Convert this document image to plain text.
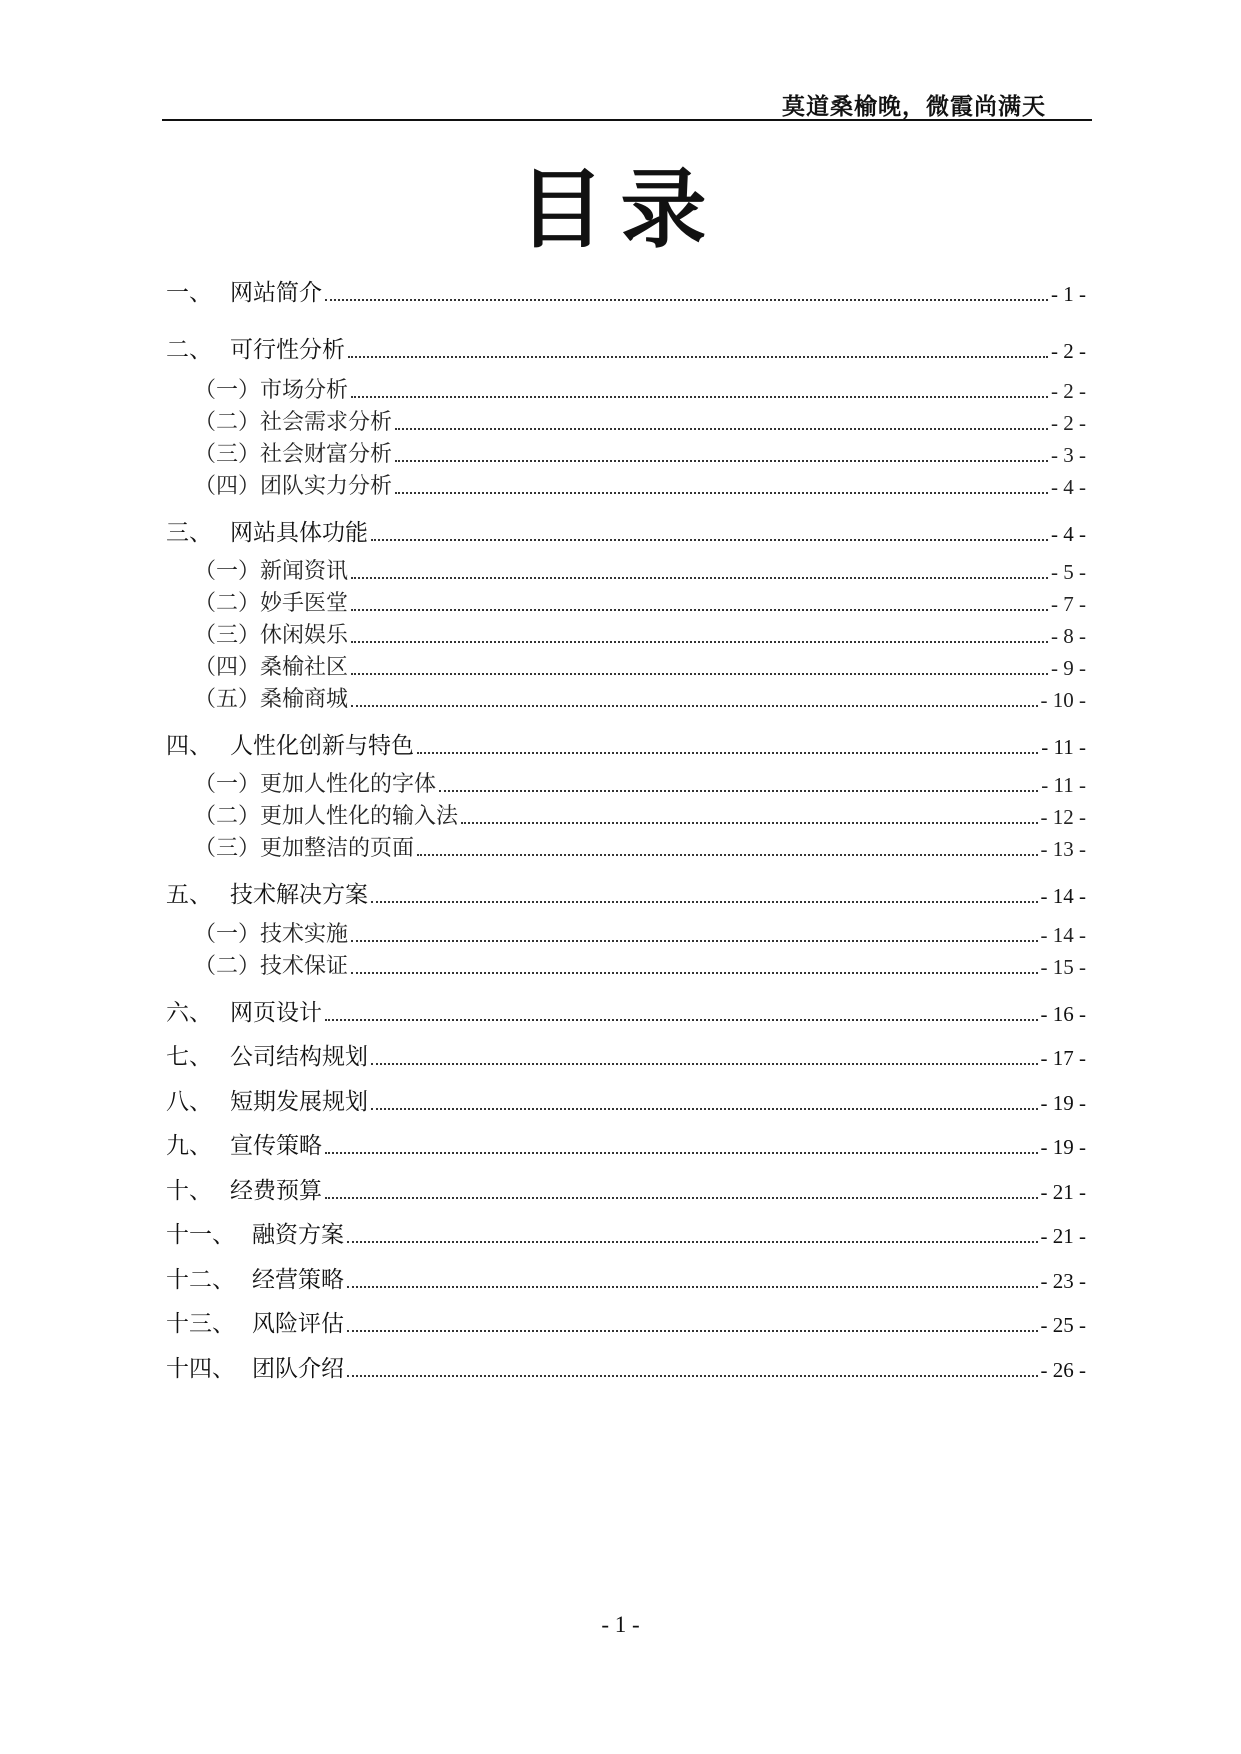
莫道桑榆晚，微霞尚满天
目录
一、 网站简介	- 1 -
二、 可行性分析	- 2 -
（一） 市场分析	- 2 -
（二） 社会需求分析	- 2 -
（三） 社会财富分析	- 3 -
（四） 团队实力分析	- 4 -
三、 网站具体功能	- 4 -
（一） 新闻资讯	- 5 -
（二） 妙手医堂	- 7 -
（三） 休闲娱乐	- 8 -
（四） 桑榆社区	- 9 -
（五） 桑榆商城	- 10 -
四、 人性化创新与特色	- 11 -
（一） 更加人性化的字体	- 11 -
（二） 更加人性化的输入法	- 12 -
（三） 更加整洁的页面	- 13 -
五、 技术解决方案	- 14 -
（一） 技术实施	- 14 -
（二） 技术保证	- 15 -
六、 网页设计	- 16 -
七、 公司结构规划	- 17 -
八、 短期发展规划	- 19 -
九、 宣传策略	- 19 -
十、 经费预算	- 21 -
十一、 融资方案	- 21 -
十二、 经营策略	- 23 -
十三、 风险评估	- 25 -
十四、 团队介绍	- 26 -
- 1 -
